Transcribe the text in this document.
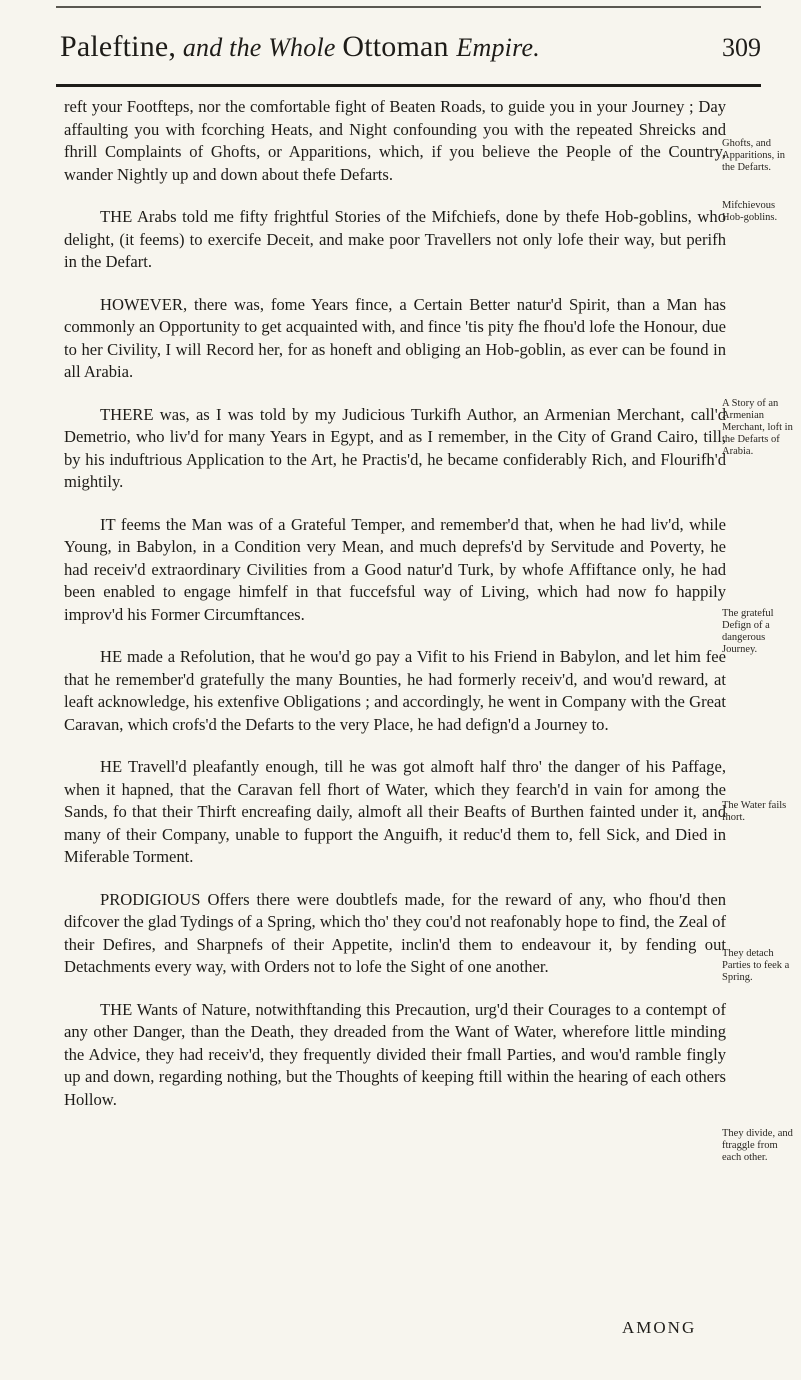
Paleftine, and the Whole Ottoman Empire.	309

reft your Footfteps, nor the comfortable fight of Beaten Roads, to guide you in your Journey ; Day affaulting you with fcorching Heats, and Night confounding you with the repeated Shreicks and fhrill Complaints of Ghofts, or Apparitions, which, if you believe the People of the Country, wander Nightly up and down about thefe Defarts.

THE Arabs told me fifty frightful Stories of the Mifchiefs, done by thefe Hob-goblins, who delight, (it feems) to exercife Deceit, and make poor Travellers not only lofe their way, but perifh in the Defart.

HOWEVER, there was, fome Years fince, a Certain Better natur'd Spirit, than a Man has commonly an Opportunity to get acquainted with, and fince 'tis pity fhe fhou'd lofe the Honour, due to her Civility, I will Record her, for as honeft and obliging an Hob-goblin, as ever can be found in all Arabia.

THERE was, as I was told by my Judicious Turkifh Author, an Armenian Merchant, call'd Demetrio, who liv'd for many Years in Egypt, and as I remember, in the City of Grand Cairo, till, by his induftrious Application to the Art, he Practis'd, he became confiderably Rich, and Flourifh'd mightily.

IT feems the Man was of a Grateful Temper, and remember'd that, when he had liv'd, while Young, in Babylon, in a Condition very Mean, and much deprefs'd by Servitude and Poverty, he had receiv'd extraordinary Civilities from a Good natur'd Turk, by whofe Affiftance only, he had been enabled to engage himfelf in that fuccefsful way of Living, which had now fo happily improv'd his Former Circumftances.

HE made a Refolution, that he wou'd go pay a Vifit to his Friend in Babylon, and let him fee that he remember'd gratefully the many Bounties, he had formerly receiv'd, and wou'd reward, at leaft acknowledge, his extenfive Obligations ; and accordingly, he went in Company with the Great Caravan, which crofs'd the Defarts to the very Place, he had defign'd a Journey to.

HE Travell'd pleafantly enough, till he was got almoft half thro' the danger of his Paffage, when it hapned, that the Caravan fell fhort of Water, which they fearch'd in vain for among the Sands, fo that their Thirft encreafing daily, almoft all their Beafts of Burthen fainted under it, and many of their Company, unable to fupport the Anguifh, it reduc'd them to, fell Sick, and Died in Miferable Torment.

PRODIGIOUS Offers there were doubtlefs made, for the reward of any, who fhou'd then difcover the glad Tydings of a Spring, which tho' they cou'd not reafonably hope to find, the Zeal of their Defires, and Sharpnefs of their Appetite, inclin'd them to endeavour it, by fending out Detachments every way, with Orders not to lofe the Sight of one another.

THE Wants of Nature, notwithftanding this Precaution, urg'd their Courages to a contempt of any other Danger, than the Death, they dreaded from the Want of Water, wherefore little minding the Advice, they had receiv'd, they frequently divided their fmall Parties, and wou'd ramble fingly up and down, regarding nothing, but the Thoughts of keeping ftill within the hearing of each others Hollow.

Ghofts, and Apparitions, in the Defarts.
Mifchievous Hob-goblins.
A Story of an Armenian Merchant, loft in the Defarts of Arabia.
The grateful Defign of a dangerous Journey.
The Water fails fhort.
They detach Parties to feek a Spring.
They divide, and ftraggle from each other.
AMONG
